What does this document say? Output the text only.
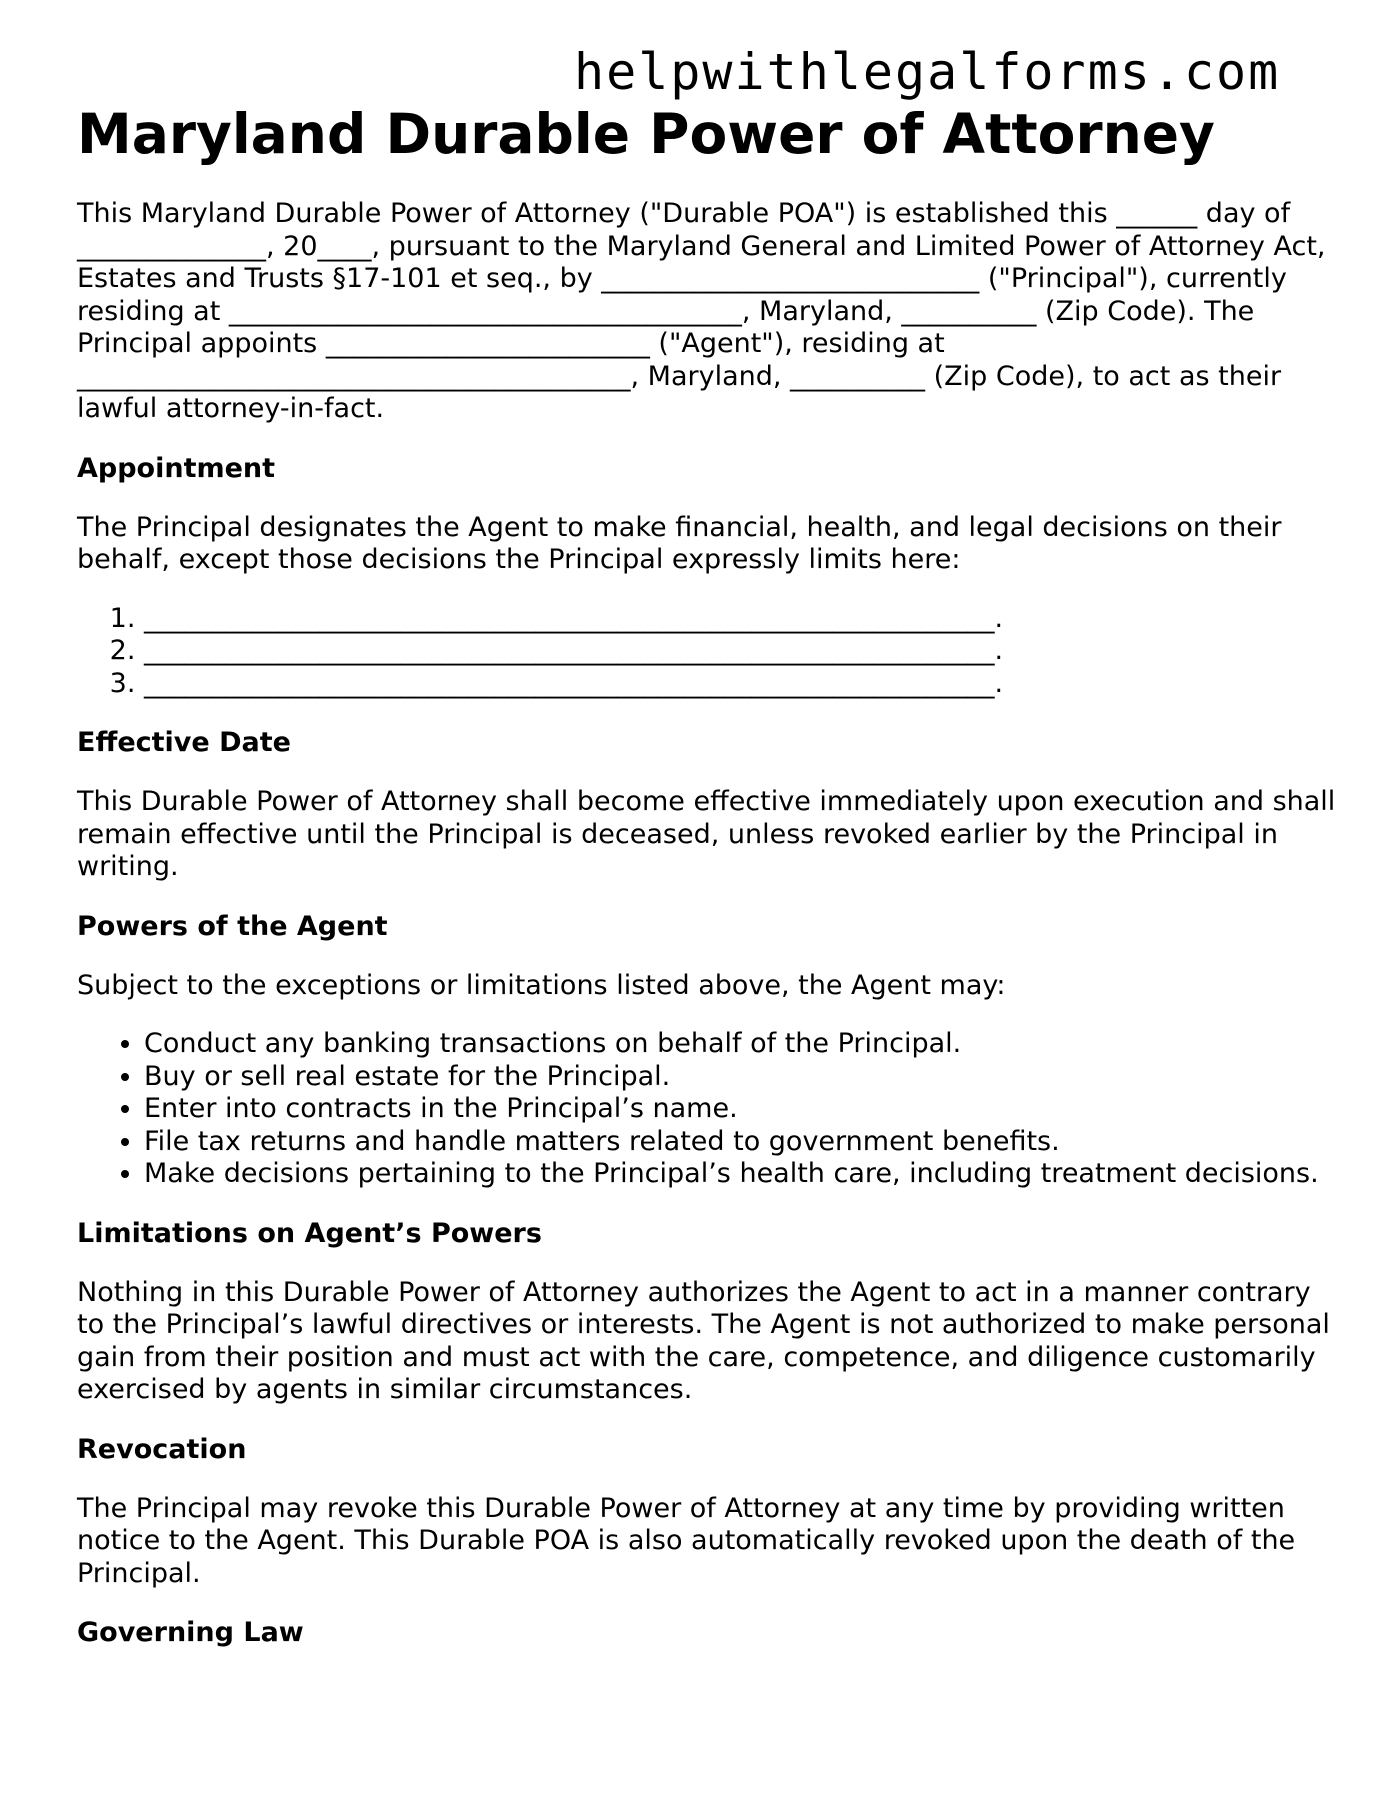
helpwithlegalforms.com
Maryland Durable Power of Attorney

This Maryland Durable Power of Attorney ("Durable POA") is established this ______ day of ______________, 20____, pursuant to the Maryland General and Limited Power of Attorney Act, Estates and Trusts §17-101 et seq., by ____________________________ ("Principal"), currently residing at ______________________________________, Maryland, __________ (Zip Code). The Principal appoints ________________________ ("Agent"), residing at _________________________________________, Maryland, __________ (Zip Code), to act as their lawful attorney-in-fact.

Appointment

The Principal designates the Agent to make financial, health, and legal decisions on their behalf, except those decisions the Principal expressly limits here:

1. _______________________________________________________________.
2. _______________________________________________________________.
3. _______________________________________________________________.
Effective Date

This Durable Power of Attorney shall become effective immediately upon execution and shall remain effective until the Principal is deceased, unless revoked earlier by the Principal in writing.

Powers of the Agent

Subject to the exceptions or limitations listed above, the Agent may:

• Conduct any banking transactions on behalf of the Principal.
• Buy or sell real estate for the Principal.
• Enter into contracts in the Principal’s name.
• File tax returns and handle matters related to government benefits.
• Make decisions pertaining to the Principal’s health care, including treatment decisions.
Limitations on Agent’s Powers

Nothing in this Durable Power of Attorney authorizes the Agent to act in a manner contrary to the Principal’s lawful directives or interests. The Agent is not authorized to make personal gain from their position and must act with the care, competence, and diligence customarily exercised by agents in similar circumstances.

Revocation

The Principal may revoke this Durable Power of Attorney at any time by providing written notice to the Agent. This Durable POA is also automatically revoked upon the death of the Principal.

Governing Law
